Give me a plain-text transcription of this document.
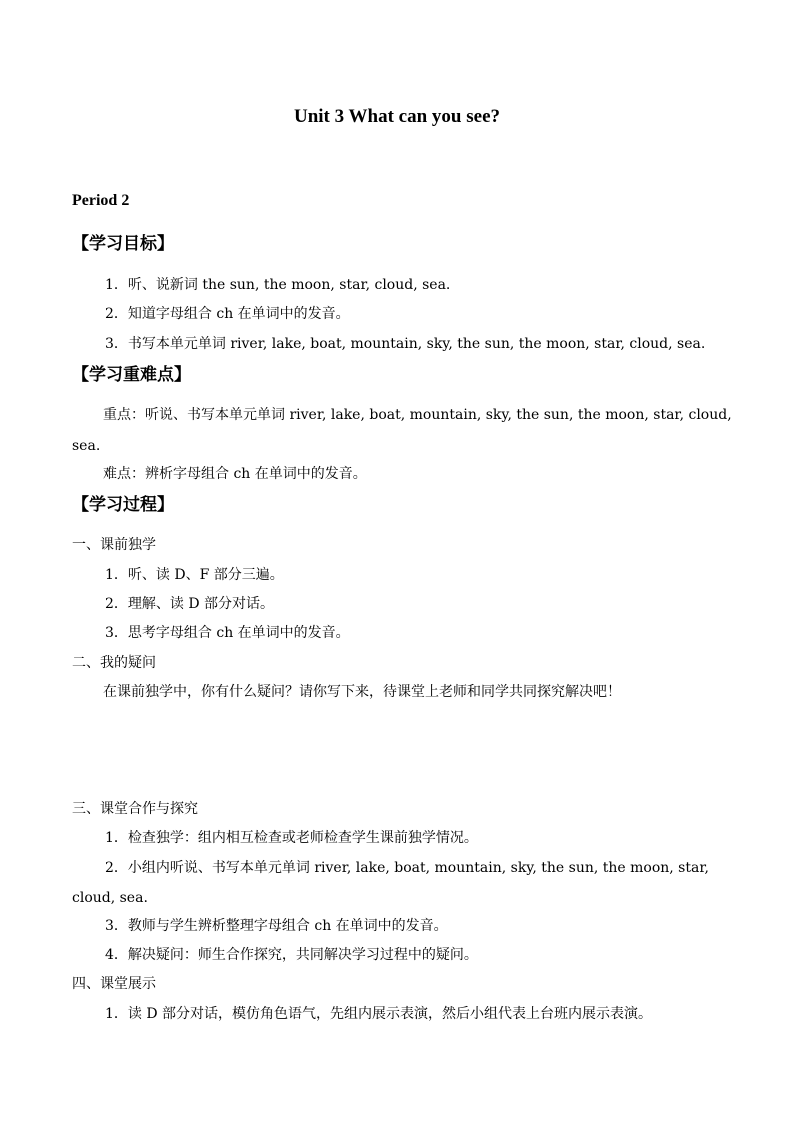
Unit 3 What can you see?
Period 2
【学习目标】
1．听、说新词 the sun, the moon, star, cloud, sea.
2．知道字母组合 ch 在单词中的发音。
3．书写本单元单词 river, lake, boat, mountain, sky, the sun, the moon, star, cloud, sea.
【学习重难点】
重点：听说、书写本单元单词 river, lake, boat, mountain, sky, the sun, the moon, star, cloud,
sea.
难点：辨析字母组合 ch 在单词中的发音。
【学习过程】
一、课前独学
1．听、读 D、F 部分三遍。
2．理解、读 D 部分对话。
3．思考字母组合 ch 在单词中的发音。
二、我的疑问
在课前独学中，你有什么疑问？请你写下来，待课堂上老师和同学共同探究解决吧！
三、课堂合作与探究
1．检查独学：组内相互检查或老师检查学生课前独学情况。
2．小组内听说、书写本单元单词 river, lake, boat, mountain, sky, the sun, the moon, star,
cloud, sea.
3．教师与学生辨析整理字母组合 ch 在单词中的发音。
4．解决疑问：师生合作探究，共同解决学习过程中的疑问。
四、课堂展示
1．读 D 部分对话，模仿角色语气，先组内展示表演，然后小组代表上台班内展示表演。
